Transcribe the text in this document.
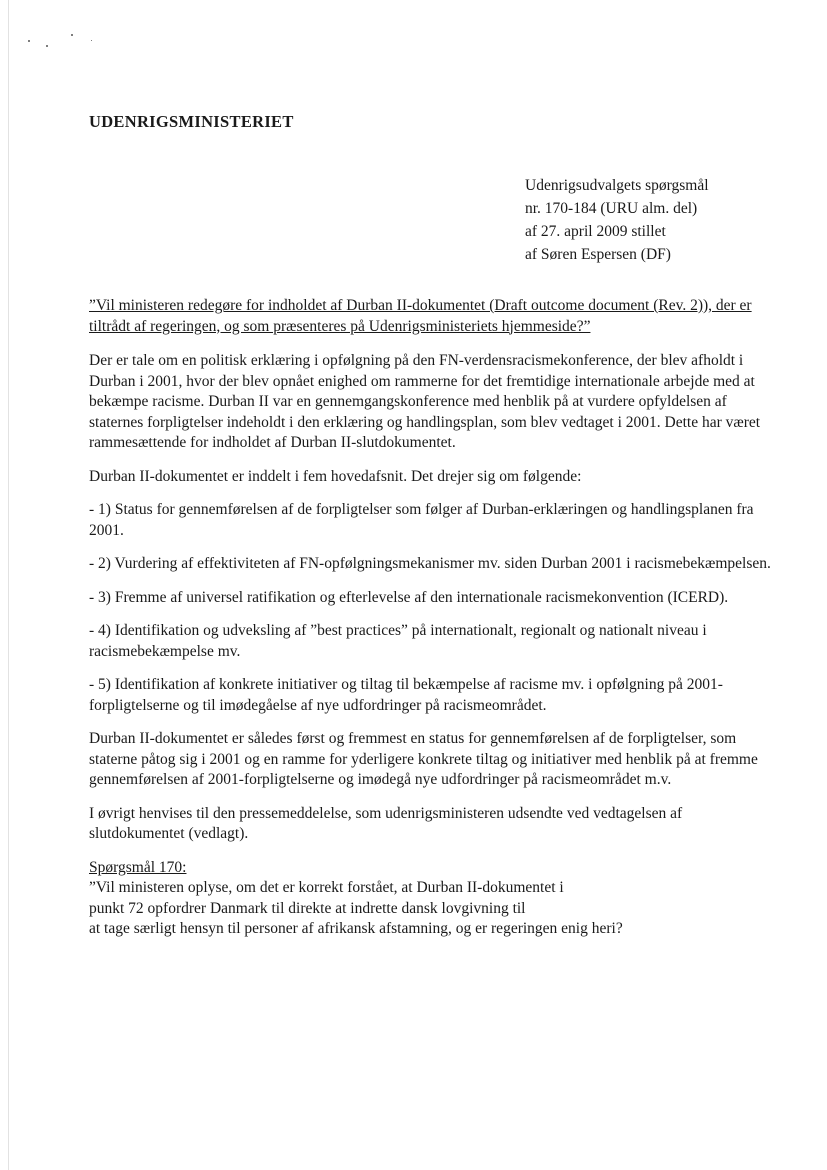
UDENRIGSMINISTERIET
Udenrigsudvalgets spørgsmål
nr. 170-184 (URU alm. del)
af 27. april 2009 stillet
af Søren Espersen (DF)

”Vil ministeren redegøre for indholdet af Durban II-dokumentet (Draft outcome document (Rev. 2)), der er tiltrådt af regeringen, og som præsenteres på Udenrigsministeriets hjemmeside?”

Der er tale om en politisk erklæring i opfølgning på den FN-verdensracismekonference, der blev afholdt i Durban i 2001, hvor der blev opnået enighed om rammerne for det fremtidige internationale arbejde med at bekæmpe racisme. Durban II var en gennemgangskonference med henblik på at vurdere opfyldelsen af staternes forpligtelser indeholdt i den erklæring og handlingsplan, som blev vedtaget i 2001. Dette har været rammesættende for indholdet af Durban II-slutdokumentet.

Durban II-dokumentet er inddelt i fem hovedafsnit. Det drejer sig om følgende:

- 1) Status for gennemførelsen af de forpligtelser som følger af Durban-erklæringen og handlingsplanen fra 2001.

- 2) Vurdering af effektiviteten af FN-opfølgningsmekanismer mv. siden Durban 2001 i racismebekæmpelsen.

- 3) Fremme af universel ratifikation og efterlevelse af den internationale racismekonvention (ICERD).

- 4) Identifikation og udveksling af ”best practices” på internationalt, regionalt og nationalt niveau i racismebekæmpelse mv.

- 5) Identifikation af konkrete initiativer og tiltag til bekæmpelse af racisme mv. i opfølgning på 2001-forpligtelserne og til imødegåelse af nye udfordringer på racismeområdet.

Durban II-dokumentet er således først og fremmest en status for gennemførelsen af de forpligtelser, som staterne påtog sig i 2001 og en ramme for yderligere konkrete tiltag og initiativer med henblik på at fremme gennemførelsen af 2001-forpligtelserne og imødegå nye udfordringer på racismeområdet m.v.

I øvrigt henvises til den pressemeddelelse, som udenrigsministeren udsendte ved vedtagelsen af slutdokumentet (vedlagt).

Spørgsmål 170:
”Vil ministeren oplyse, om det er korrekt forstået, at Durban II-dokumentet i
punkt 72 opfordrer Danmark til direkte at indrette dansk lovgivning til
at tage særligt hensyn til personer af afrikansk afstamning, og er regeringen enig heri?
